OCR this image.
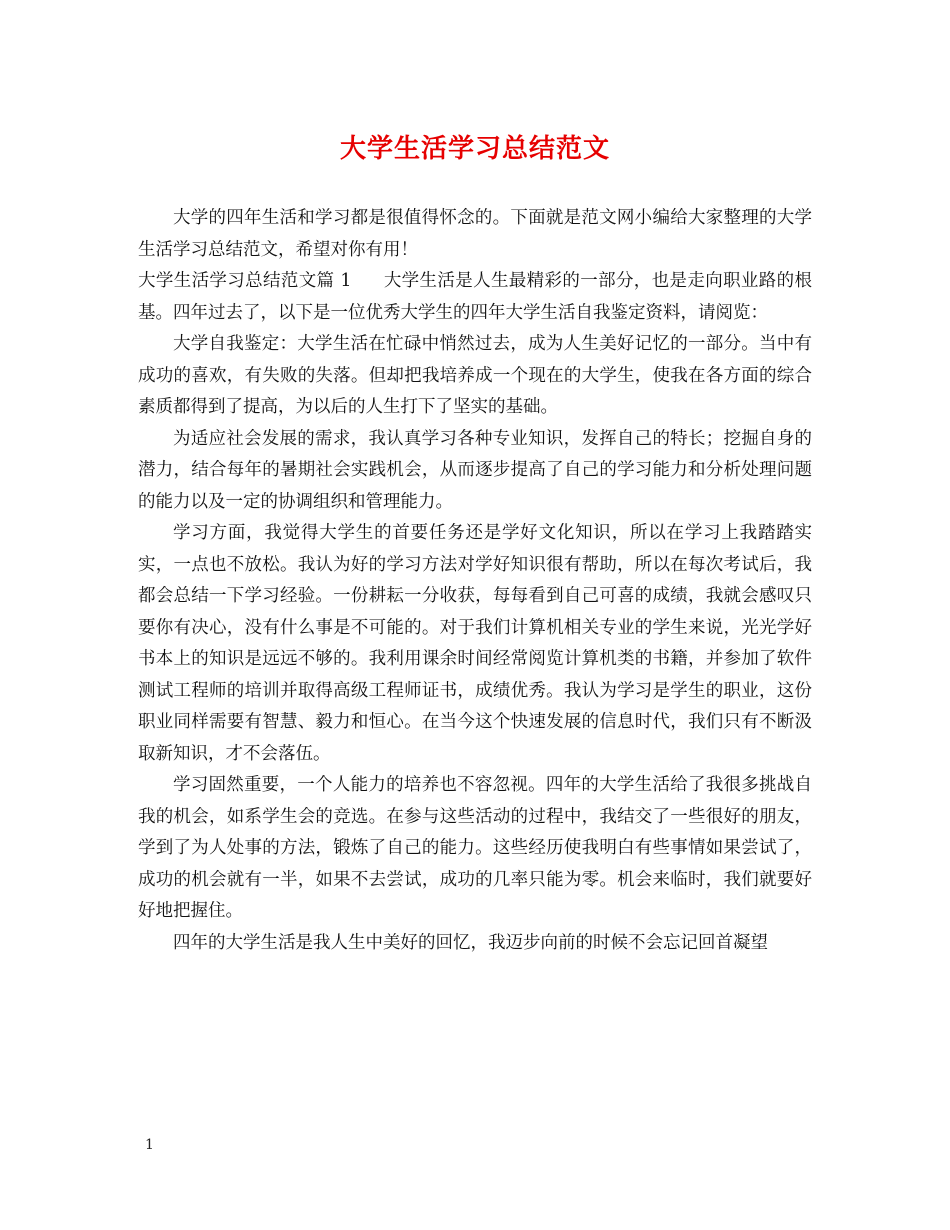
大学生活学习总结范文

大学的四年生活和学习都是很值得怀念的。下面就是范文网小编给大家整理的大学生活学习总结范文，希望对你有用！

大学生活学习总结范文篇 1 大学生活是人生最精彩的一部分，也是走向职业路的根基。四年过去了，以下是一位优秀大学生的四年大学生活自我鉴定资料，请阅览：

大学自我鉴定：大学生活在忙碌中悄然过去，成为人生美好记忆的一部分。当中有成功的喜欢，有失败的失落。但却把我培养成一个现在的大学生，使我在各方面的综合素质都得到了提高，为以后的人生打下了坚实的基础。

为适应社会发展的需求，我认真学习各种专业知识，发挥自己的特长；挖掘自身的潜力，结合每年的暑期社会实践机会，从而逐步提高了自己的学习能力和分析处理问题的能力以及一定的协调组织和管理能力。

学习方面，我觉得大学生的首要任务还是学好文化知识，所以在学习上我踏踏实实，一点也不放松。我认为好的学习方法对学好知识很有帮助，所以在每次考试后，我都会总结一下学习经验。一份耕耘一分收获，每每看到自己可喜的成绩，我就会感叹只要你有决心，没有什么事是不可能的。对于我们计算机相关专业的学生来说，光光学好书本上的知识是远远不够的。我利用课余时间经常阅览计算机类的书籍，并参加了软件测试工程师的培训并取得高级工程师证书，成绩优秀。我认为学习是学生的职业，这份职业同样需要有智慧、毅力和恒心。在当今这个快速发展的信息时代，我们只有不断汲取新知识，才不会落伍。

学习固然重要，一个人能力的培养也不容忽视。四年的大学生活给了我很多挑战自我的机会，如系学生会的竞选。在参与这些活动的过程中，我结交了一些很好的朋友，学到了为人处事的方法，锻炼了自己的能力。这些经历使我明白有些事情如果尝试了，成功的机会就有一半，如果不去尝试，成功的几率只能为零。机会来临时，我们就要好好地把握住。

四年的大学生活是我人生中美好的回忆，我迈步向前的时候不会忘记回首凝望

1
